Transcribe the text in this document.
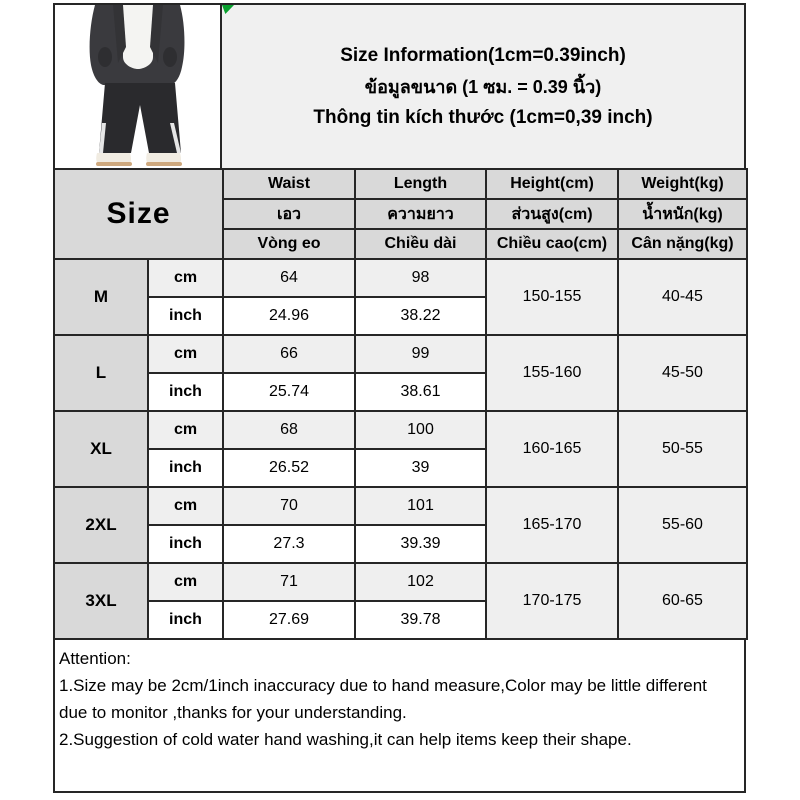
Size Information(1cm=0.39inch)
ข้อมูลขนาด (1 ซม. = 0.39 นิ้ว)
Thông tin kích thước (1cm=0,39 inch)
Size		Waist	Length	Height(cm)	Weight(kg)
		เอว	ความยาว	ส่วนสูง(cm)	น้ำหนัก(kg)
		Vòng eo	Chiều dài	Chiều cao(cm)	Cân nặng(kg)
M	cm	64	98	150-155	40-45
	inch	24.96	38.22		
L	cm	66	99	155-160	45-50
	inch	25.74	38.61		
XL	cm	68	100	160-165	50-55
	inch	26.52	39		
2XL	cm	70	101	165-170	55-60
	inch	27.3	39.39		
3XL	cm	71	102	170-175	60-65
	inch	27.69	39.78		
Attention:
1.Size may be 2cm/1inch inaccuracy due to hand measure,Color may be little different due to monitor ,thanks for your understanding.
2.Suggestion of cold water hand washing,it can help items keep their shape.
